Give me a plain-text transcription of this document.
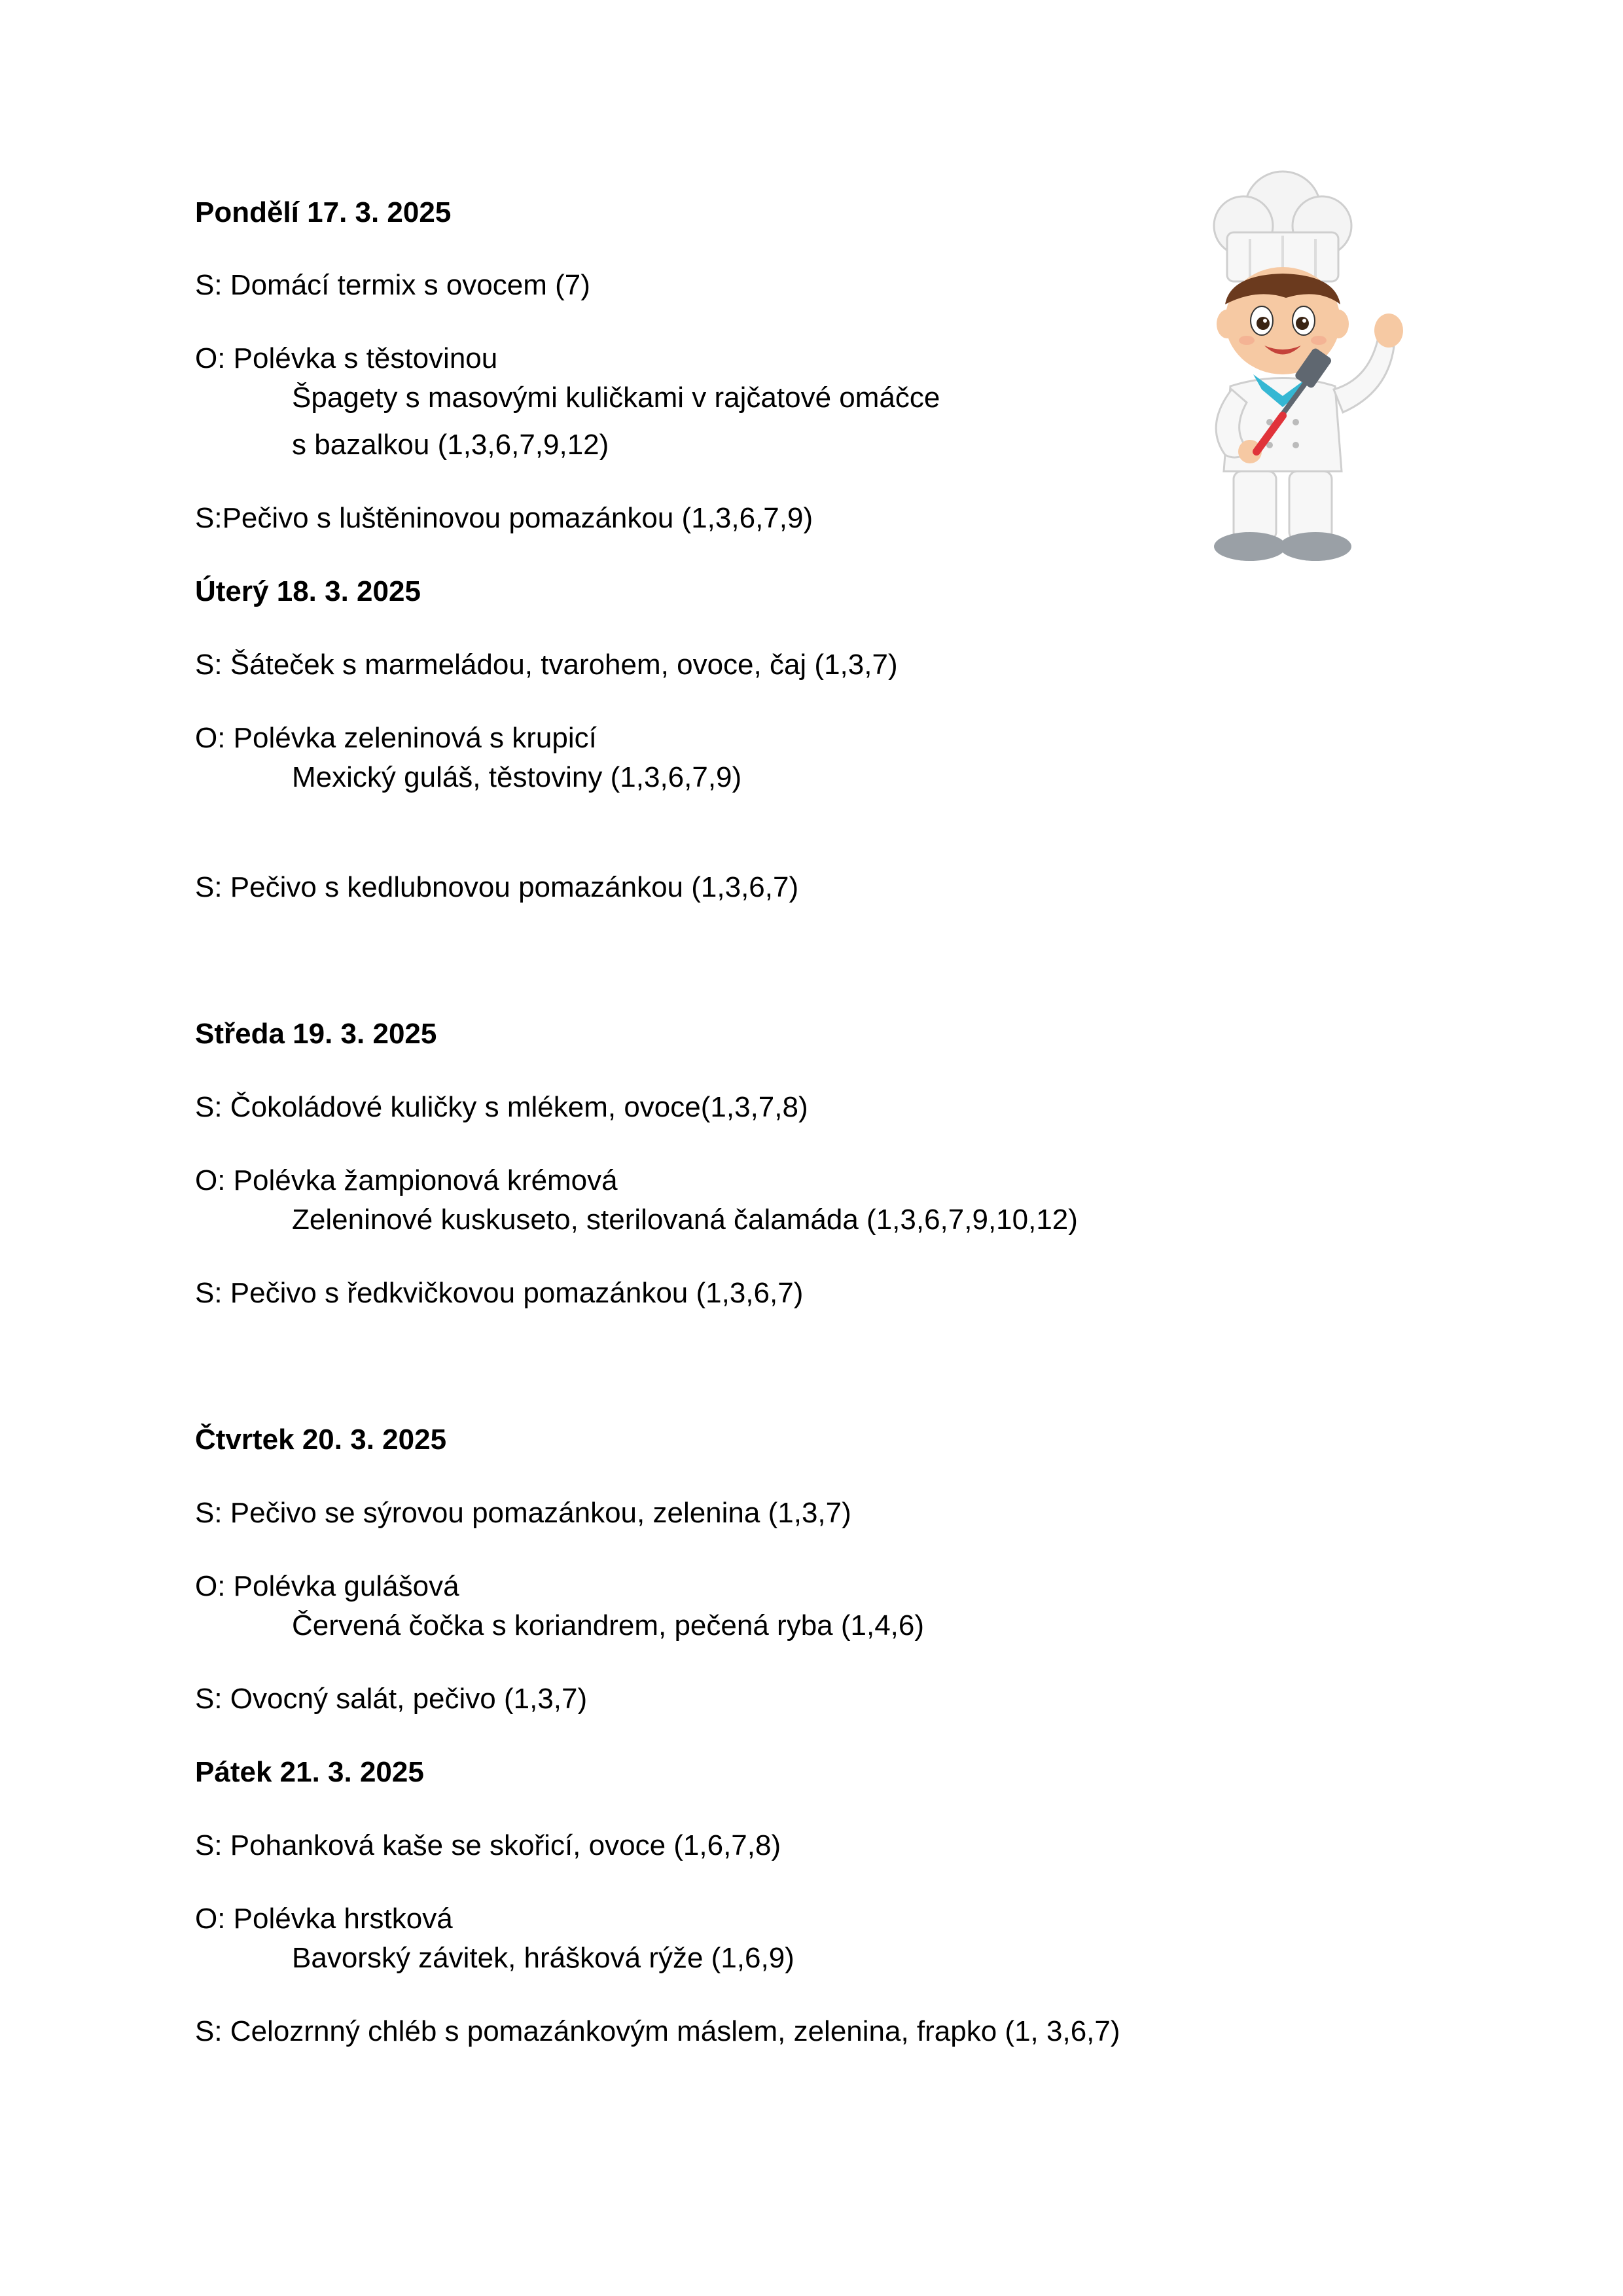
Pondělí 17. 3. 2025
S: Domácí termix s ovocem (7)
O: Polévka s těstovinou
Špagety s masovými kuličkami v rajčatové omáčce
s bazalkou (1,3,6,7,9,12)
S:Pečivo s luštěninovou pomazánkou (1,3,6,7,9)
Úterý 18. 3. 2025
S: Šáteček s marmeládou, tvarohem, ovoce, čaj (1,3,7)
O: Polévka zeleninová s krupicí
Mexický guláš, těstoviny (1,3,6,7,9)
S: Pečivo s kedlubnovou pomazánkou (1,3,6,7)
Středa 19. 3. 2025
S: Čokoládové kuličky s mlékem, ovoce(1,3,7,8)
O: Polévka žampionová krémová
Zeleninové kuskuseto, sterilovaná čalamáda (1,3,6,7,9,10,12)
S: Pečivo s ředkvičkovou pomazánkou (1,3,6,7)
Čtvrtek 20. 3. 2025
S: Pečivo se sýrovou pomazánkou, zelenina (1,3,7)
O: Polévka gulášová
Červená čočka s koriandrem, pečená ryba (1,4,6)
S: Ovocný salát, pečivo (1,3,7)
Pátek 21. 3. 2025
S: Pohanková kaše se skořicí, ovoce (1,6,7,8)
O: Polévka hrstková
Bavorský závitek, hrášková rýže (1,6,9)
S: Celozrnný chléb s pomazánkovým máslem, zelenina, frapko (1, 3,6,7)
